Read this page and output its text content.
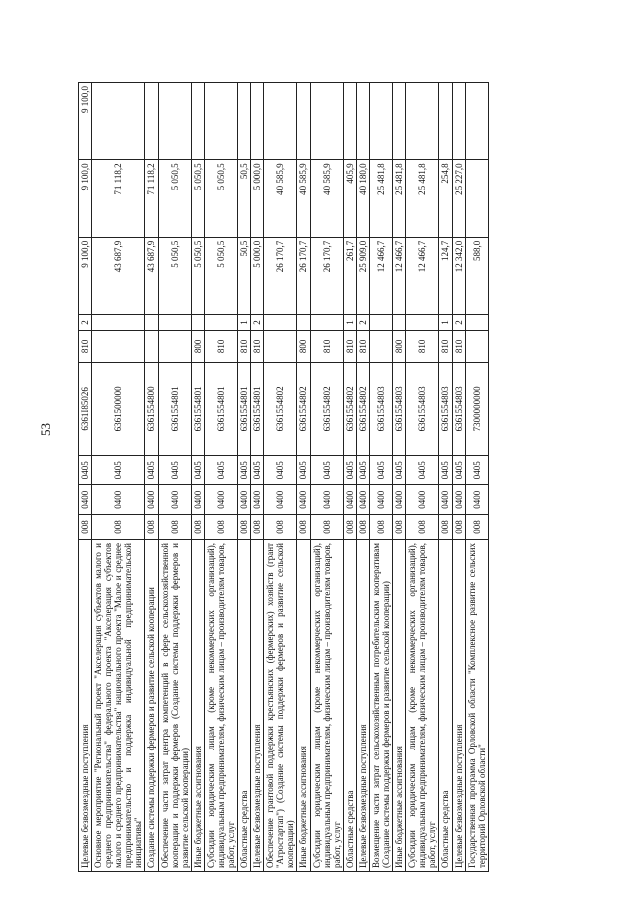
53
Целевые безвозмездные поступления	008	0400	0405	6361I85026	810	2	9 100,0	9 100,0	9 100,0
Основное мероприятие "Региональный проект "Акселерация субъектов малого и среднего предпринимательства" федерального проекта "Акселерация субъектов малого и среднего предпринимательства" национального проекта "Малое и среднее предпринимательство и поддержка индивидуальной предпринимательской инициативы"	008	0400	0405	6361500000			43 687,9	71 118,2	
Создание системы поддержки фермеров и развитие сельской кооперации	008	0400	0405	6361554800			43 687,9	71 118,2	
Обеспечение части затрат центра компетенций в сфере сельскохозяйственной кооперации и поддержки фермеров (Создание системы поддержки фермеров и развитие сельской кооперации)	008	0400	0405	6361554801			5 050,5	5 050,5	
Иные бюджетные ассигнования	008	0400	0405	6361554801	800		5 050,5	5 050,5	
Субсидии юридическим лицам (кроме некоммерческих организаций), индивидуальным предпринимателям, физическим лицам – производителям товаров, работ, услуг	008	0400	0405	6361554801	810		5 050,5	5 050,5	
Областные средства	008	0400	0405	6361554801	810	1	50,5	50,5	
Целевые безвозмездные поступления	008	0400	0405	6361554801	810	2	5 000,0	5 000,0	
Обеспечение грантовой поддержки крестьянских (фермерских) хозяйств (грант "Агростартап") (Создание системы поддержки фермеров и развитие сельской кооперации)	008	0400	0405	6361554802			26 170,7	40 585,9	
Иные бюджетные ассигнования	008	0400	0405	6361554802	800		26 170,7	40 585,9	
Субсидии юридическим лицам (кроме некоммерческих организаций), индивидуальным предпринимателям, физическим лицам – производителям товаров, работ, услуг	008	0400	0405	6361554802	810		26 170,7	40 585,9	
Областные средства	008	0400	0405	6361554802	810	1	261,7	405,9	
Целевые безвозмездные поступления	008	0400	0405	6361554802	810	2	25 909,0	40 180,0	
Возмещение части затрат сельскохозяйственным потребительским кооперативам (Создание системы поддержки фермеров и развитие сельской кооперации)	008	0400	0405	6361554803			12 466,7	25 481,8	
Иные бюджетные ассигнования	008	0400	0405	6361554803	800		12 466,7	25 481,8	
Субсидии юридическим лицам (кроме некоммерческих организаций), индивидуальным предпринимателям, физическим лицам – производителям товаров, работ, услуг	008	0400	0405	6361554803	810		12 466,7	25 481,8	
Областные средства	008	0400	0405	6361554803	810	1	124,7	254,8	
Целевые безвозмездные поступления	008	0400	0405	6361554803	810	2	12 342,0	25 227,0	
Государственная программа Орловской области "Комплексное развитие сельских территорий Орловской области"	008	0400	0405	7300000000			588,0		
